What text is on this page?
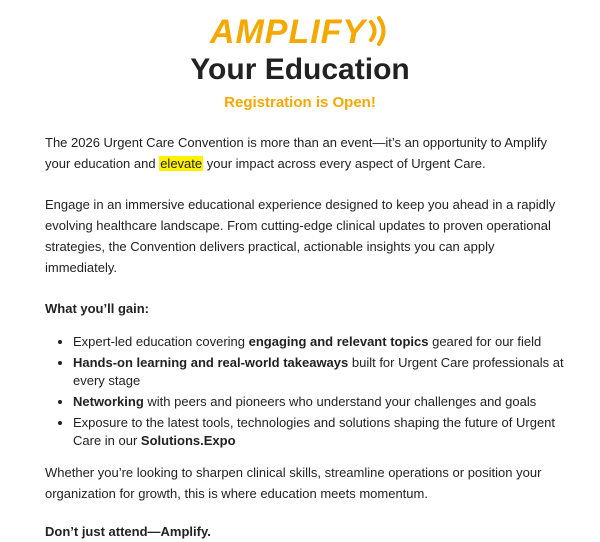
AMPLIFY
Your Education
Registration is Open!

The 2026 Urgent Care Convention is more than an event—it’s an opportunity to Amplify your education and elevate your impact across every aspect of Urgent Care.

Engage in an immersive educational experience designed to keep you ahead in a rapidly evolving healthcare landscape. From cutting-edge clinical updates to proven operational strategies, the Convention delivers practical, actionable insights you can apply immediately.

What you’ll gain:

• Expert-led education covering engaging and relevant topics geared for our field
• Hands-on learning and real-world takeaways built for Urgent Care professionals at every stage
• Networking with peers and pioneers who understand your challenges and goals
• Exposure to the latest tools, technologies and solutions shaping the future of Urgent Care in our Solutions.Expo

Whether you’re looking to sharpen clinical skills, streamline operations or position your organization for growth, this is where education meets momentum.

Don’t just attend—Amplify.
